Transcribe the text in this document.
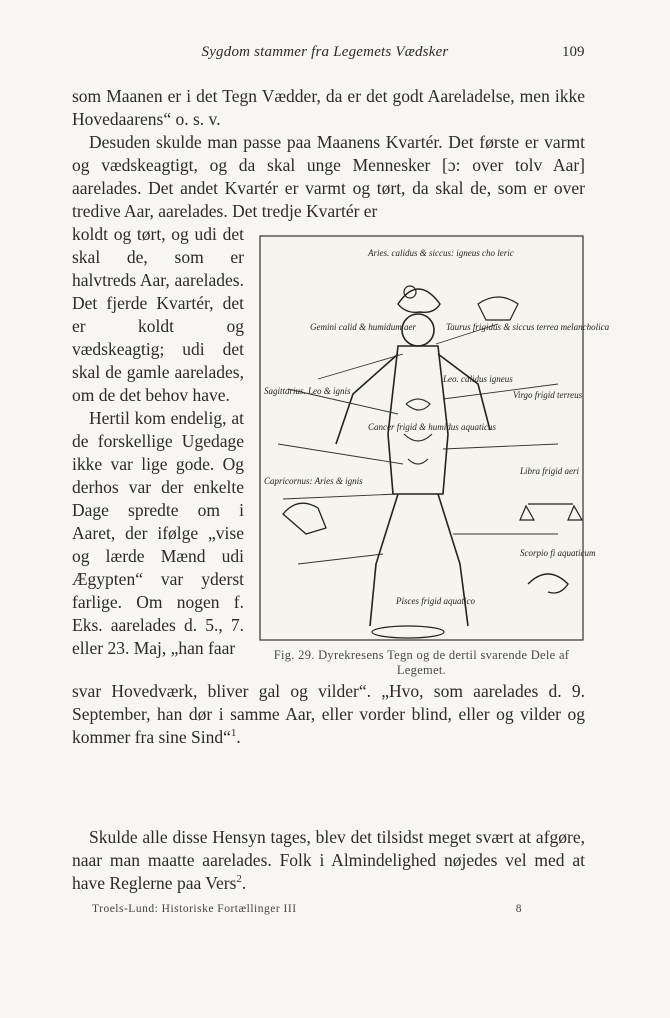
Sygdom stammer fra Legemets Vædsker	109

som Maanen er i det Tegn Vædder, da er det godt Aareladelse, men ikke Hovedaarens“ o. s. v.

Desuden skulde man passe paa Maanens Kvartér. Det første er varmt og vædskeagtigt, og da skal unge Mennesker [ɔ: over tolv Aar] aarelades. Det andet Kvartér er varmt og tørt, da skal de, som er over tredive Aar, aarelades. Det tredje Kvartér er

koldt og tørt, og udi det skal de, som er halvtreds Aar, aarelades. Det fjerde Kvartér, det er koldt og vædskeagtig; udi det skal de gamle aarelades, om de det behov have.

Hertil kom endelig, at de forskellige Ugedage ikke var lige gode. Og derhos var der enkelte Dage spredte om i Aaret, der ifølge „vise og lærde Mænd udi Ægypten“ var yderst farlige. Om nogen f. Eks. aarelades d. 5., 7. eller 23. Maj, „han faar

Aries. calidus & siccus: igneus cho leric
Gemini calid & humidum aer
Cancer frigid & humidus aquaticus
Leo. calidus igneus
Sagittarius. Leo & ignis
Capricornus: Aries & ignis
Taurus frigidus & siccus terrea melancholica
Virgo frigid terreus
Libra frigid aeri
Scorpio fi aquaticum
Pisces frigid aquatico
Fig. 29. Dyrekresens Tegn og de dertil svarende Dele af Legemet.

svar Hovedværk, bliver gal og vilder“. „Hvo, som aarelades d. 9. September, han dør i samme Aar, eller vorder blind, eller og vilder og kommer fra sine Sind“$^1$.

Skulde alle disse Hensyn tages, blev det tilsidst meget svært at afgøre, naar man maatte aarelades. Folk i Almindelighed nøjedes vel med at have Reglerne paa Vers$^2$.

Troels-Lund: Historiske Fortællinger III	8
